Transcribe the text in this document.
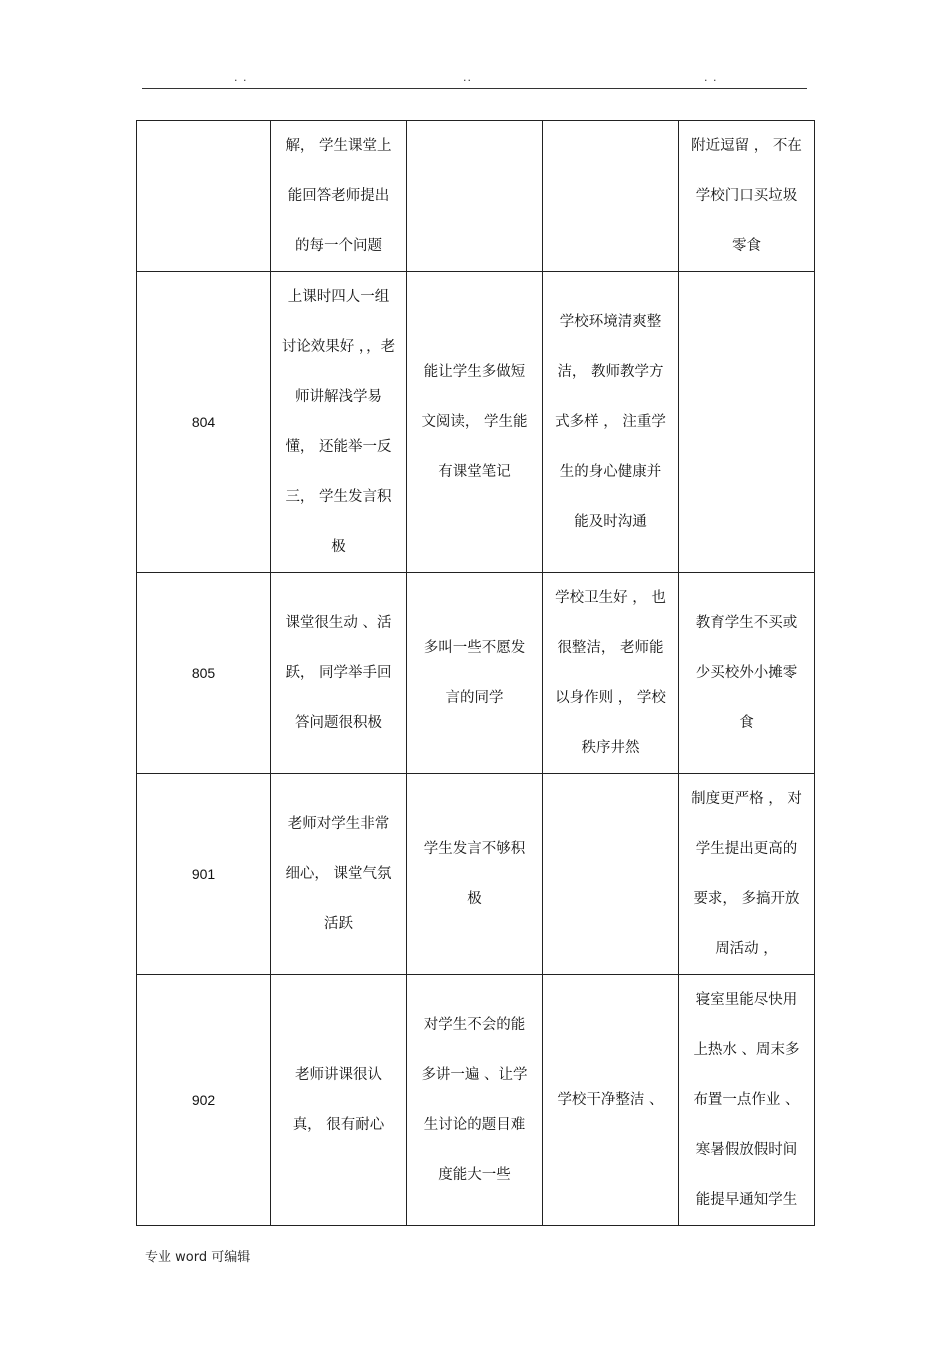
. .	..	. .

	解， 学生课堂上能回答老师提出的每一个问题			附近逗留 ， 不在学校门口买垃圾零食

804	上课时四人一组讨论效果好 ，，老师讲解浅学易懂， 还能举一反三， 学生发言积极	能让学生多做短文阅读， 学生能有课堂笔记	学校环境清爽整洁， 教师教学方式多样 ， 注重学生的身心健康并能及时沟通	

805	课堂很生动 、活跃， 同学举手回答问题很积极	多叫一些不愿发言的同学	学校卫生好 ， 也很整洁， 老师能以身作则 ， 学校秩序井然	教育学生不买或少买校外小摊零食

901	老师对学生非常细心， 课堂气氛活跃	学生发言不够积极		制度更严格 ， 对学生提出更高的要求， 多搞开放周活动 ，

902	老师讲课很认真， 很有耐心	对学生不会的能多讲一遍 、让学生讨论的题目难度能大一些	学校干净整洁 、	寝室里能尽快用上热水 、周末多布置一点作业 、寒暑假放假时间能提早通知学生
专业 word 可编辑
